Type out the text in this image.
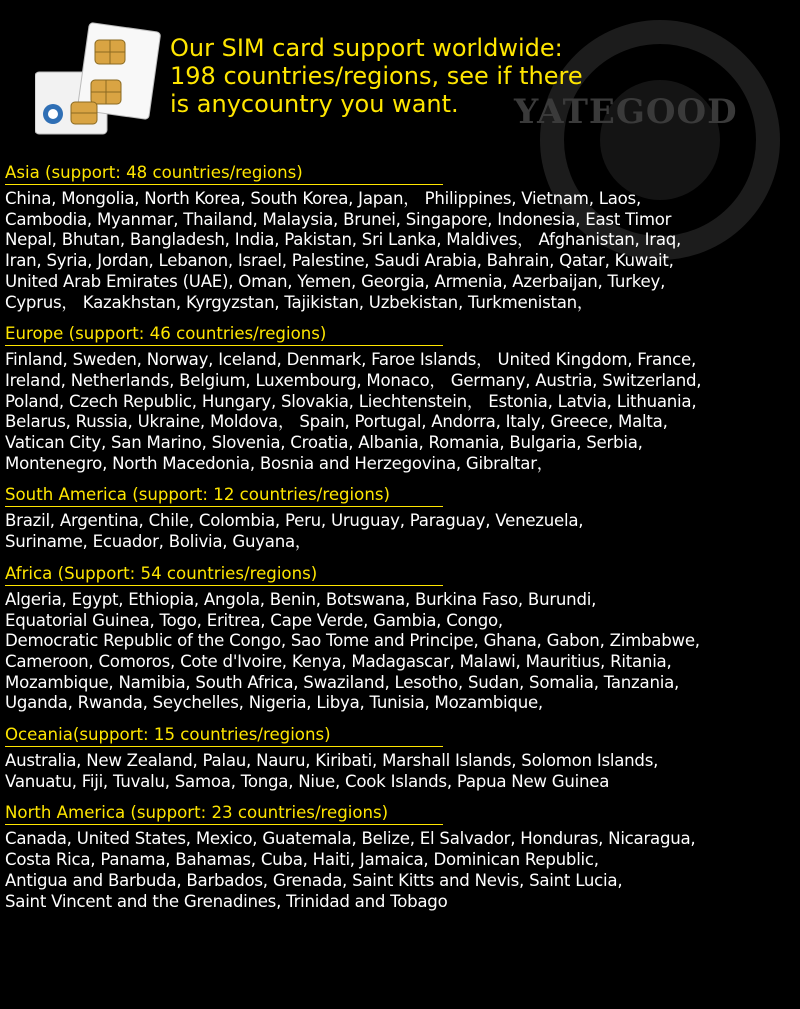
YATEGOOD
Our SIM card support worldwide:
198 countries/regions, see if there
is anycountry you want.
Asia (support: 48 countries/regions)
China, Mongolia, North Korea, South Korea, Japan， Philippines, Vietnam, Laos,
Cambodia, Myanmar, Thailand, Malaysia, Brunei, Singapore, Indonesia, East Timor
Nepal, Bhutan, Bangladesh, India, Pakistan, Sri Lanka, Maldives， Afghanistan, Iraq,
Iran, Syria, Jordan, Lebanon, Israel, Palestine, Saudi Arabia, Bahrain, Qatar, Kuwait,
United Arab Emirates (UAE), Oman, Yemen, Georgia, Armenia, Azerbaijan, Turkey,
Cyprus， Kazakhstan, Kyrgyzstan, Tajikistan, Uzbekistan, Turkmenistan，
Europe (support: 46 countries/regions)
Finland, Sweden, Norway, Iceland, Denmark, Faroe Islands， United Kingdom, France,
Ireland, Netherlands, Belgium, Luxembourg, Monaco， Germany, Austria, Switzerland,
Poland, Czech Republic, Hungary, Slovakia, Liechtenstein， Estonia, Latvia, Lithuania,
Belarus, Russia, Ukraine, Moldova， Spain, Portugal, Andorra, Italy, Greece, Malta,
Vatican City, San Marino, Slovenia, Croatia, Albania, Romania, Bulgaria, Serbia,
Montenegro, North Macedonia, Bosnia and Herzegovina, Gibraltar，
South America (support: 12 countries/regions)
Brazil, Argentina, Chile, Colombia, Peru, Uruguay, Paraguay, Venezuela,
Suriname, Ecuador, Bolivia, Guyana，
Africa (Support: 54 countries/regions)
Algeria, Egypt, Ethiopia, Angola, Benin, Botswana, Burkina Faso, Burundi,
Equatorial Guinea, Togo, Eritrea, Cape Verde, Gambia, Congo,
Democratic Republic of the Congo, Sao Tome and Principe, Ghana, Gabon, Zimbabwe,
Cameroon, Comoros, Cote d'Ivoire, Kenya, Madagascar, Malawi, Mauritius, Ritania,
Mozambique, Namibia, South Africa, Swaziland, Lesotho, Sudan, Somalia, Tanzania,
Uganda, Rwanda, Seychelles, Nigeria, Libya, Tunisia, Mozambique,
Oceania(support: 15 countries/regions)
Australia, New Zealand, Palau, Nauru, Kiribati, Marshall Islands, Solomon Islands,
Vanuatu, Fiji, Tuvalu, Samoa, Tonga, Niue, Cook Islands, Papua New Guinea
North America (support: 23 countries/regions)
Canada, United States, Mexico, Guatemala, Belize, El Salvador, Honduras, Nicaragua,
Costa Rica, Panama, Bahamas, Cuba, Haiti, Jamaica, Dominican Republic,
Antigua and Barbuda, Barbados, Grenada, Saint Kitts and Nevis, Saint Lucia,
Saint Vincent and the Grenadines, Trinidad and Tobago
